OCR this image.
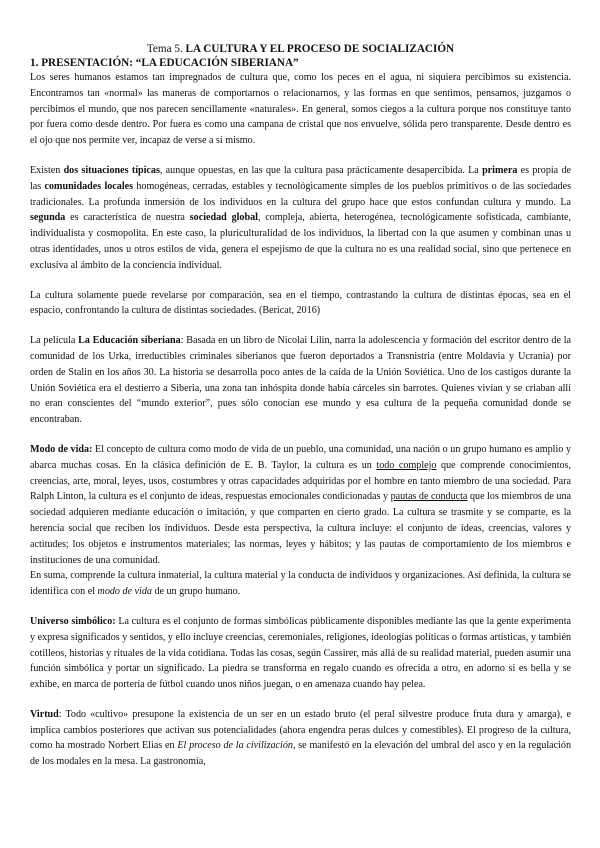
Tema 5. LA CULTURA Y EL PROCESO DE SOCIALIZACIÓN
1. PRESENTACIÓN: “LA EDUCACIÓN SIBERIANA”

Los seres humanos estamos tan impregnados de cultura que, como los peces en el agua, ni siquiera percibimos su existencia. Encontramos tan «normal» las maneras de comportarnos o relacionarnos, y las formas en que sentimos, pensamos, juzgamos o percibimos el mundo, que nos parecen sencillamente «naturales». En general, somos ciegos a la cultura porque nos constituye tanto por fuera como desde dentro. Por fuera es como una campana de cristal que nos envuelve, sólida pero transparente. Desde dentro es el ojo que nos permite ver, incapaz de verse a sí mismo.

Existen dos situaciones típicas, aunque opuestas, en las que la cultura pasa prácticamente desapercibida. La primera es propia de las comunidades locales homogéneas, cerradas, estables y tecnológicamente simples de los pueblos primitivos o de las sociedades tradicionales. La profunda inmersión de los individuos en la cultura del grupo hace que estos confundan cultura y mundo. La segunda es característica de nuestra sociedad global, compleja, abierta, heterogénea, tecnológicamente sofisticada, cambiante, individualista y cosmopolita. En este caso, la pluriculturalidad de los individuos, la libertad con la que asumen y combinan unas u otras identidades, unos u otros estilos de vida, genera el espejismo de que la cultura no es una realidad social, sino que pertenece en exclusiva al ámbito de la conciencia individual.

La cultura solamente puede revelarse por comparación, sea en el tiempo, contrastando la cultura de distintas épocas, sea en el espacio, confrontando la cultura de distintas sociedades. (Bericat, 2016)

La película La Educación siberiana: Basada en un libro de Nicolai Lilin, narra la adolescencia y formación del escritor dentro de la comunidad de los Urka, irreductibles criminales siberianos que fueron deportados a Transnistria (entre Moldavia y Ucrania) por orden de Stalin en los años 30. La historia se desarrolla poco antes de la caída de la Unión Soviética. Uno de los castigos durante la Unión Soviética era el destierro a Siberia, una zona tan inhóspita donde había cárceles sin barrotes. Quienes vivían y se criaban allí no eran conscientes del “mundo exterior”, pues sólo conocían ese mundo y esa cultura de la pequeña comunidad donde se encontraban.

Modo de vida: El concepto de cultura como modo de vida de un pueblo, una comunidad, una nación o un grupo humano es amplio y abarca muchas cosas. En la clásica definición de E. B. Taylor, la cultura es un todo complejo que comprende conocimientos, creencias, arte, moral, leyes, usos, costumbres y otras capacidades adquiridas por el hombre en tanto miembro de una sociedad. Para Ralph Linton, la cultura es el conjunto de ideas, respuestas emocionales condicionadas y pautas de conducta que los miembros de una sociedad adquieren mediante educación o imitación, y que comparten en cierto grado. La cultura se trasmite y se comparte, es la herencia social que reciben los individuos. Desde esta perspectiva, la cultura incluye: el conjunto de ideas, creencias, valores y actitudes; los objetos e instrumentos materiales; las normas, leyes y hábitos; y las pautas de comportamiento de los miembros e instituciones de una comunidad.

En suma, comprende la cultura inmaterial, la cultura material y la conducta de individuos y organizaciones. Así definida, la cultura se identifica con el modo de vida de un grupo humano.

Universo simbólico: La cultura es el conjunto de formas simbólicas públicamente disponibles mediante las que la gente experimenta y expresa significados y sentidos, y ello incluye creencias, ceremoniales, religiones, ideologías políticas o formas artísticas, y también cotilleos, historias y rituales de la vida cotidiana. Todas las cosas, según Cassirer, más allá de su realidad material, pueden asumir una función simbólica y portar un significado. La piedra se transforma en regalo cuando es ofrecida a otro, en adorno si es bella y se exhibe, en marca de portería de fútbol cuando unos niños juegan, o en amenaza cuando hay pelea.

Virtud: Todo «cultivo» presupone la existencia de un ser en un estado bruto (el peral silvestre produce fruta dura y amarga), e implica cambios posteriores que activan sus potencialidades (ahora engendra peras dulces y comestibles). El progreso de la cultura, como ha mostrado Norbert Elias en El proceso de la civilización, se manifestó en la elevación del umbral del asco y en la regulación de los modales en la mesa. La gastronomía,
